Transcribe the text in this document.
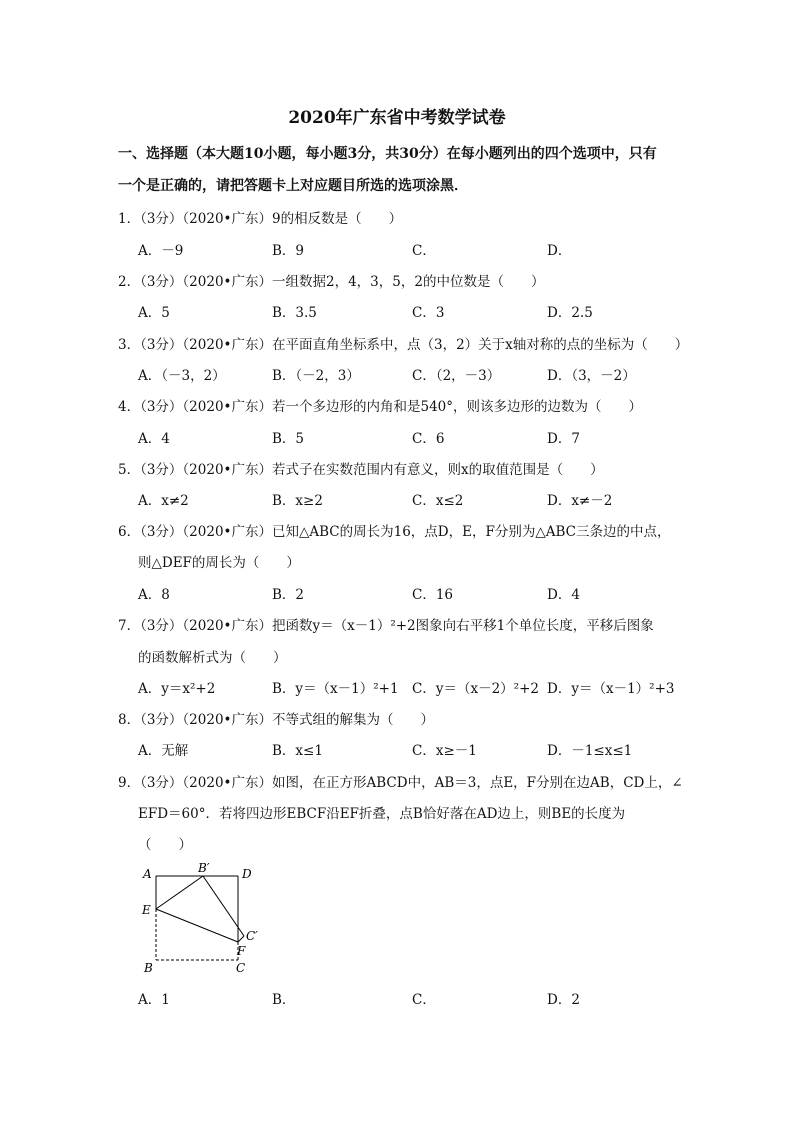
2020年广东省中考数学试卷
一、选择题（本大题10小题，每小题3分，共30分）在每小题列出的四个选项中，只有
一个是正确的，请把答题卡上对应题目所选的选项涂黑．
1．（3分）（2020•广东）9的相反数是（　　）
A．－9	B．9	C．	D．
2．（3分）（2020•广东）一组数据2，4，3，5，2的中位数是（　　）
A．5	B．3.5	C．3	D．2.5
3．（3分）（2020•广东）在平面直角坐标系中，点（3，2）关于x轴对称的点的坐标为（　　）
A．（－3，2）	B．（－2，3）	C．（2，－3）	D．（3，－2）
4．（3分）（2020•广东）若一个多边形的内角和是540°，则该多边形的边数为（　　）
A．4	B．5	C．6	D．7
5．（3分）（2020•广东）若式子在实数范围内有意义，则x的取值范围是（　　）
A．x≠2	B．x≥2	C．x≤2	D．x≠－2
6．（3分）（2020•广东）已知△ABC的周长为16，点D，E，F分别为△ABC三条边的中点，
则△DEF的周长为（　　）
A．8	B．2	C．16	D．4
7．（3分）（2020•广东）把函数y＝（x－1）²+2图象向右平移1个单位长度，平移后图象
的函数解析式为（　　）
A．y＝x²+2	B．y＝（x－1）²+1 C．y＝（x－2）²+2 D．y＝（x－1）²+3
8．（3分）（2020•广东）不等式组的解集为（　　）
A．无解	B．x≤1	C．x≥－1	D．－1≤x≤1
9．（3分）（2020•广东）如图，在正方形ABCD中，AB＝3，点E，F分别在边AB，CD上，∠
EFD＝60°．若将四边形EBCF沿EF折叠，点B恰好落在AD边上，则BE的长度为
（　　）
A	B′	D
E
C′
F
B	C
A．1	B．	C．	D．2
